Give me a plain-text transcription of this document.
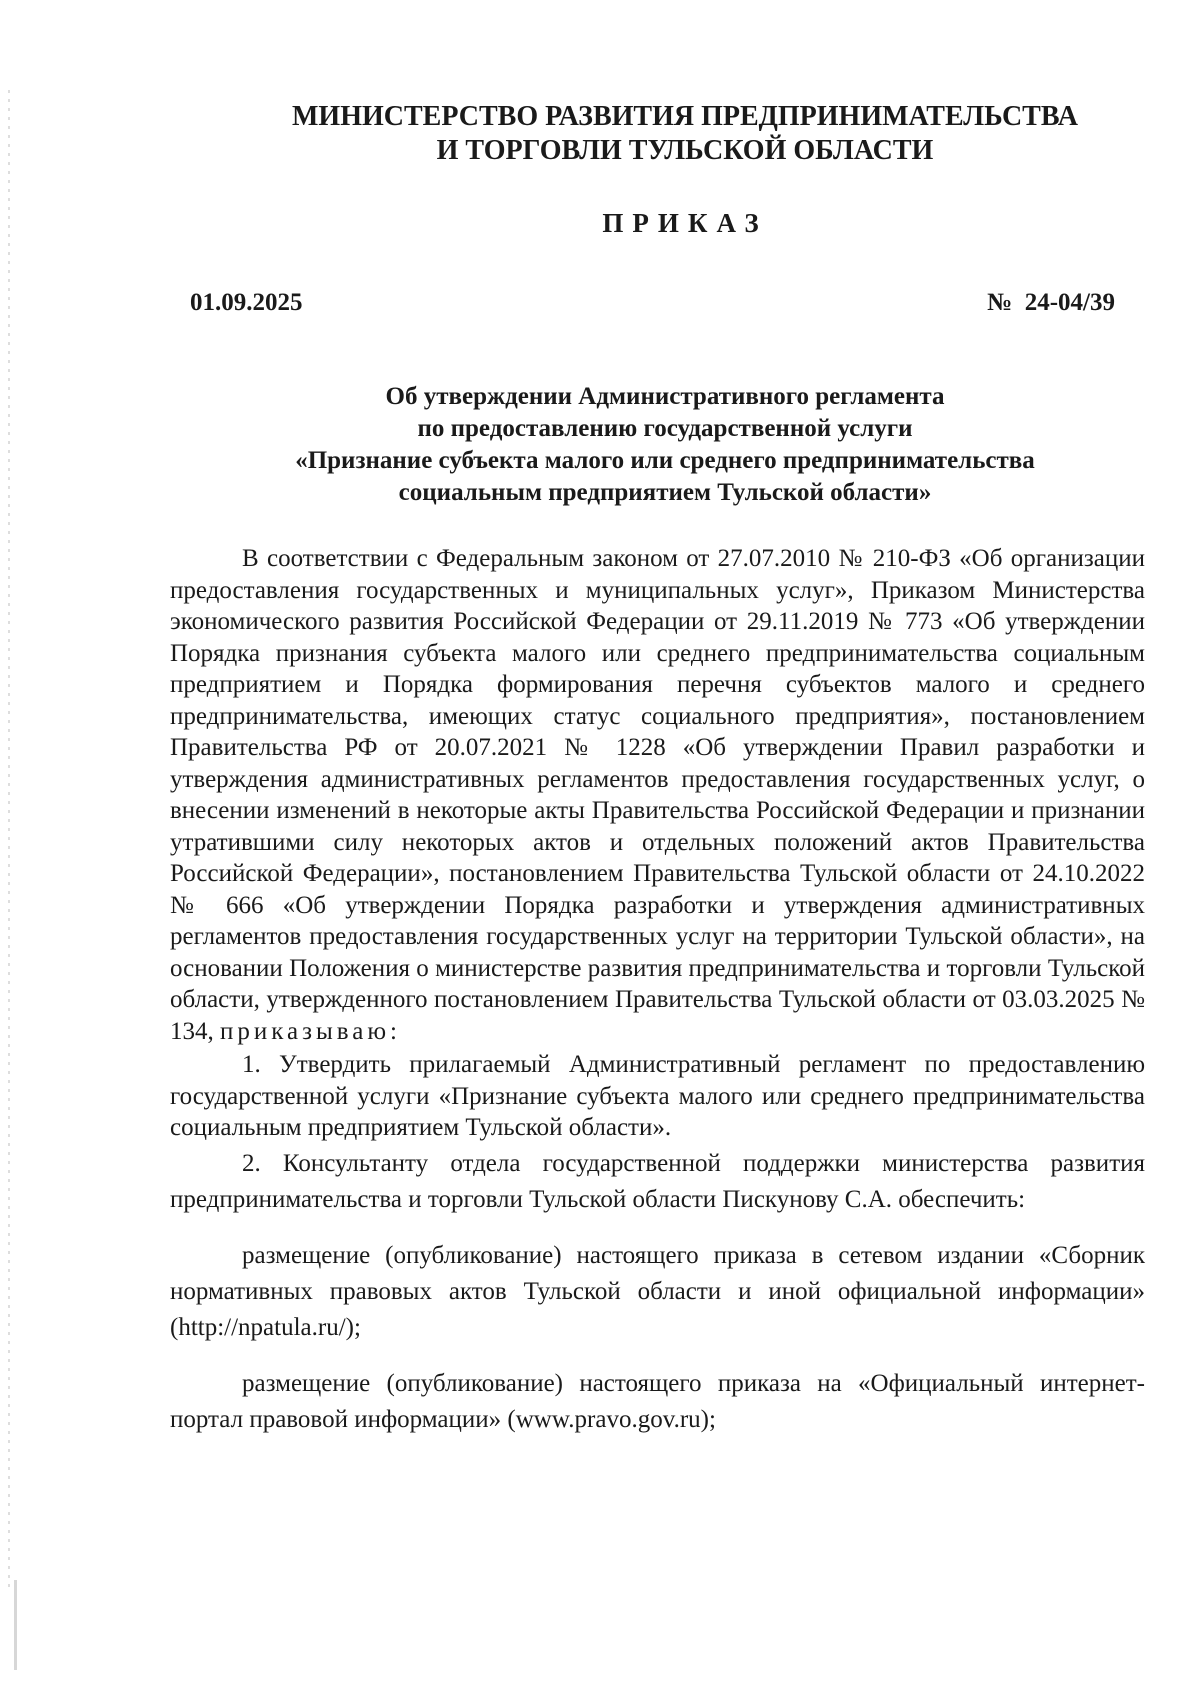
МИНИСТЕРСТВО РАЗВИТИЯ ПРЕДПРИНИМАТЕЛЬСТВА
И ТОРГОВЛИ ТУЛЬСКОЙ ОБЛАСТИ
ПРИКАЗ
01.09.2025	№  24-04/39
Об утверждении Административного регламента
по предоставлению государственной услуги
«Признание субъекта малого или среднего предпринимательства
социальным предприятием Тульской области»

В соответствии с Федеральным законом от 27.07.2010 № 210-ФЗ «Об организации предоставления государственных и муниципальных услуг», Приказом Министерства экономического развития Российской Федерации от 29.11.2019 № 773 «Об утверждении Порядка признания субъекта малого или среднего предпринимательства социальным предприятием и Порядка формирования перечня субъектов малого и среднего предпринимательства, имеющих статус социального предприятия», постановлением Правительства РФ от 20.07.2021 № 1228 «Об утверждении Правил разработки и утверждения административных регламентов предоставления государственных услуг, о внесении изменений в некоторые акты Правительства Российской Федерации и признании утратившими силу некоторых актов и отдельных положений актов Правительства Российской Федерации», постановлением Правительства Тульской области от 24.10.2022 № 666 «Об утверждении Порядка разработки и утверждения административных регламентов предоставления государственных услуг на территории Тульской области», на основании Положения о министерстве развития предпринимательства и торговли Тульской области, утвержденного постановлением Правительства Тульской области от 03.03.2025 № 134, приказываю:

1. Утвердить прилагаемый Административный регламент по предоставлению государственной услуги «Признание субъекта малого или среднего предпринимательства социальным предприятием Тульской области».

2. Консультанту отдела государственной поддержки министерства развития предпринимательства и торговли Тульской области Пискунову С.А. обеспечить:

размещение (опубликование) настоящего приказа в сетевом издании «Сборник нормативных правовых актов Тульской области и иной официальной информации» (http://npatula.ru/);

размещение (опубликование) настоящего приказа на «Официальный интернет-портал правовой информации» (www.pravo.gov.ru);
